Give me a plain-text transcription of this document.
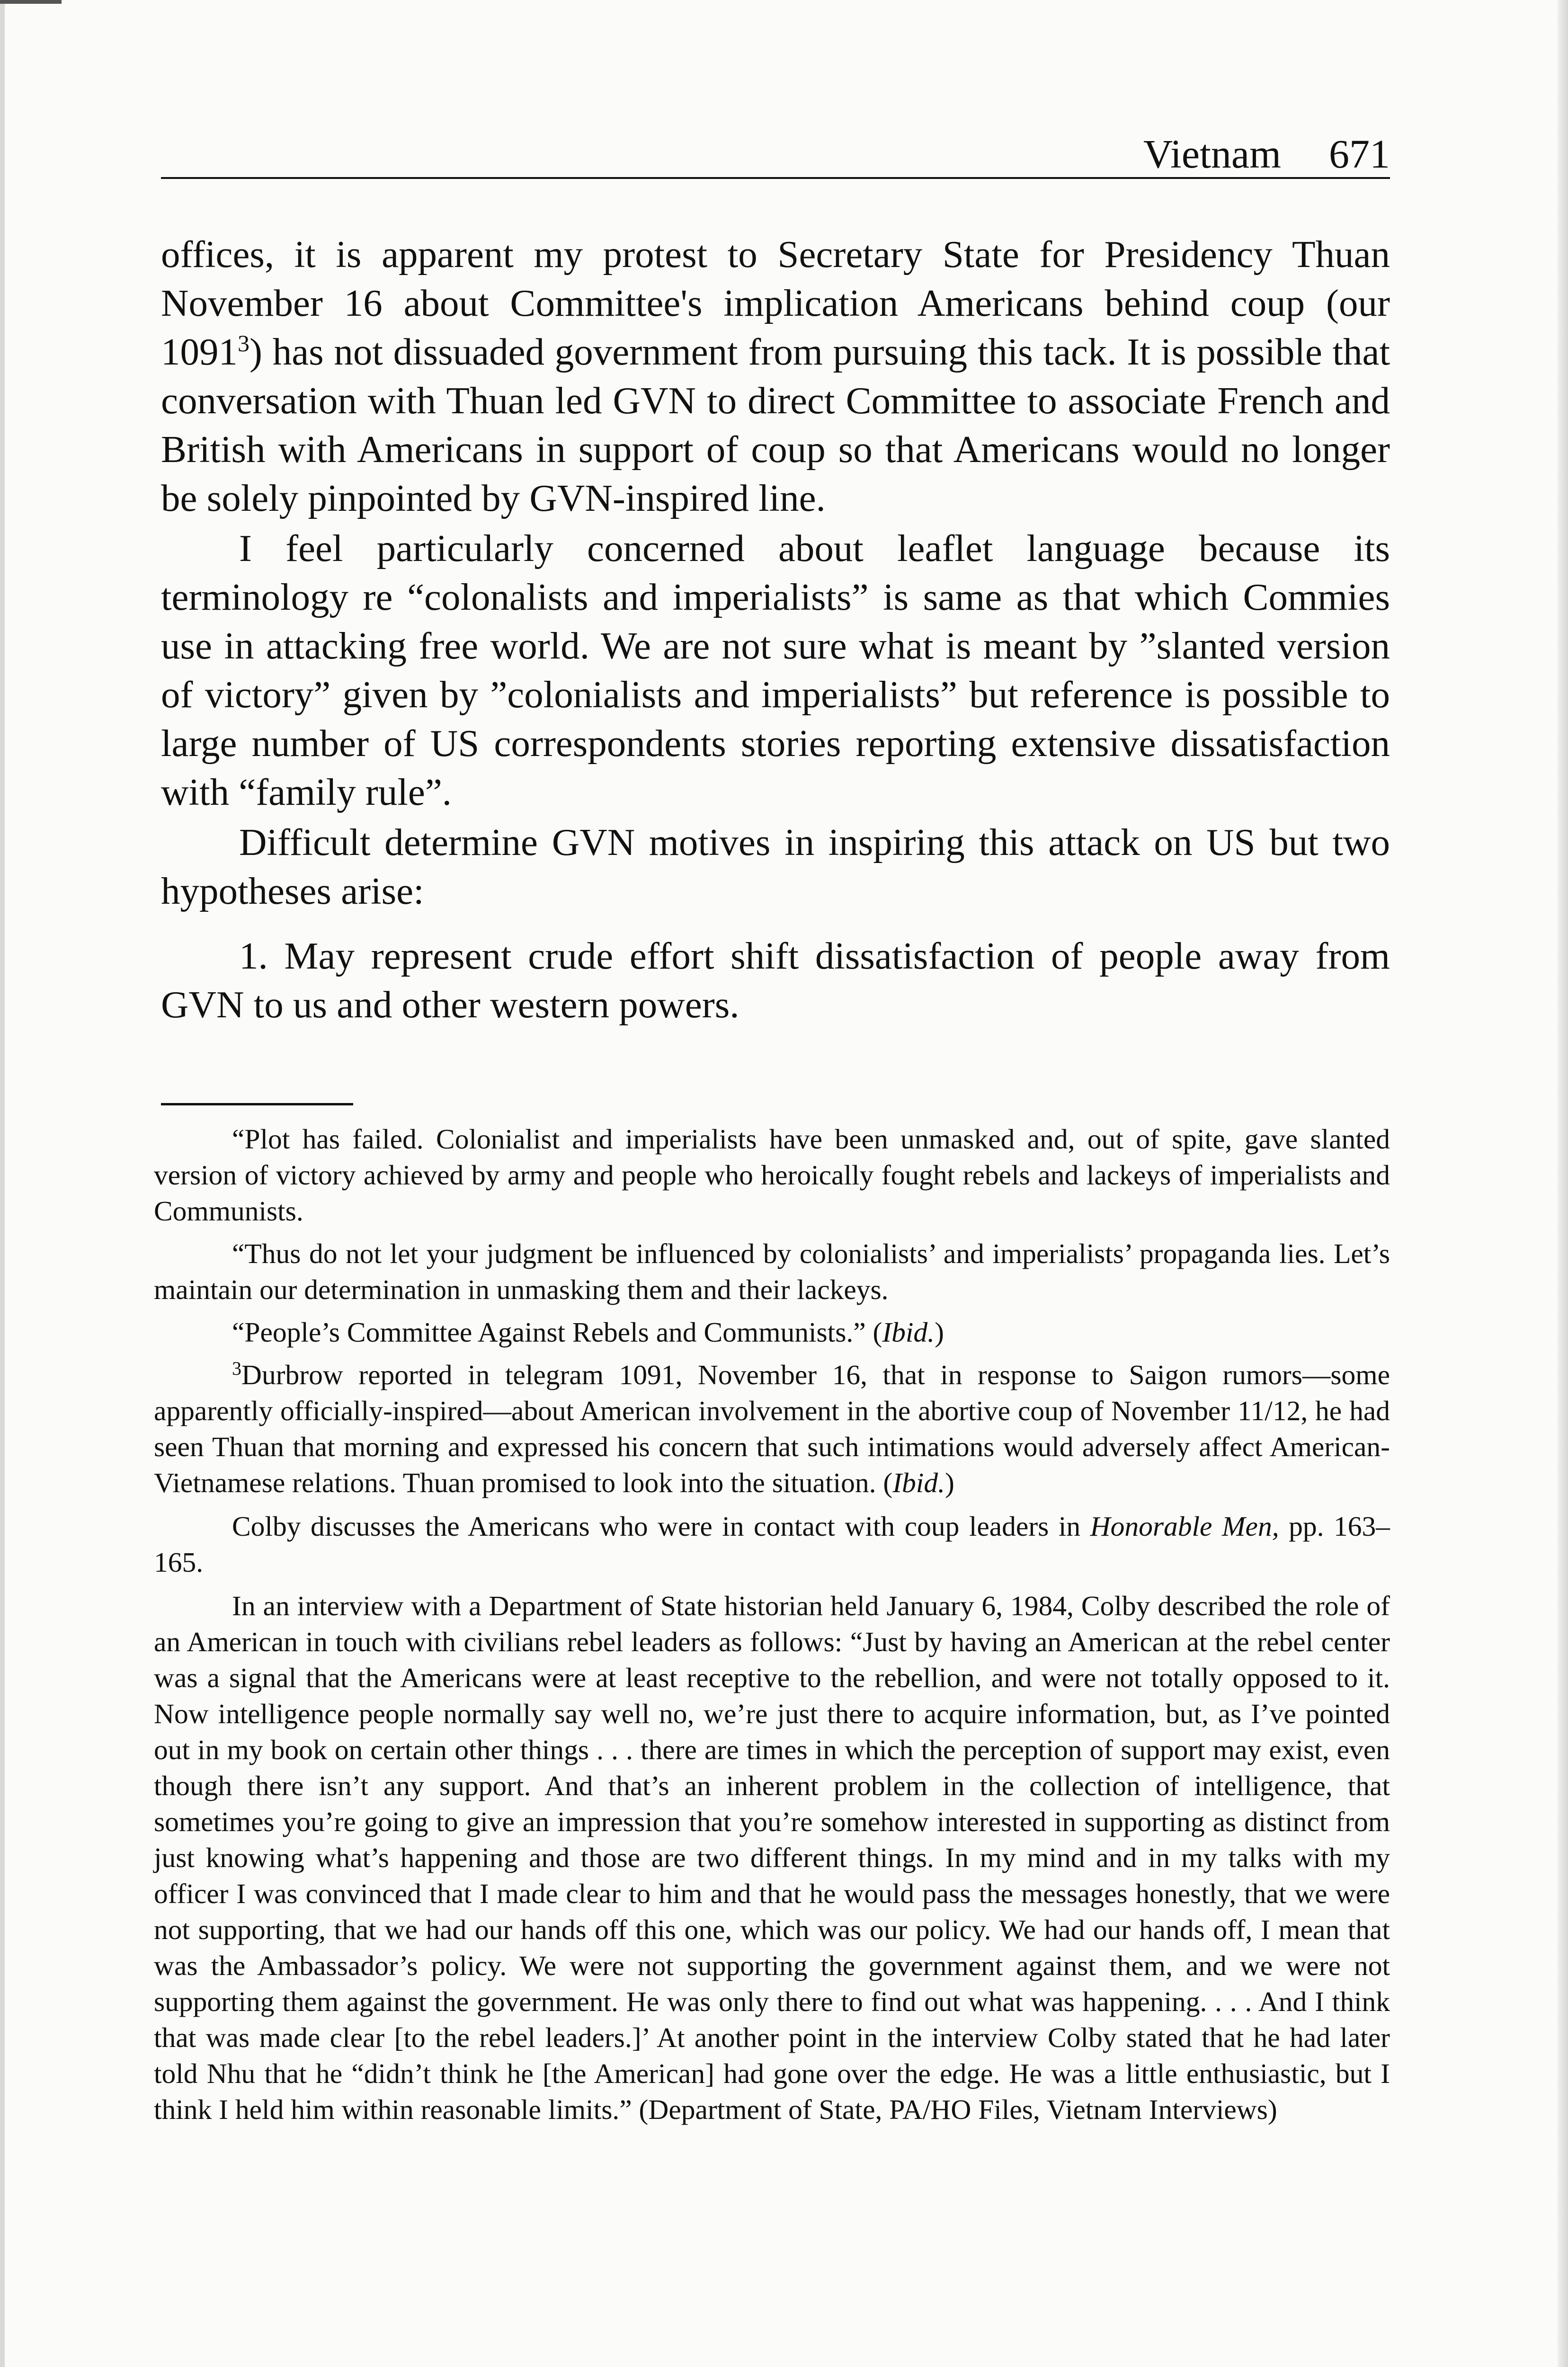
Vietnam 671

offices, it is apparent my protest to Secretary State for Presidency Thuan November 16 about Committee's implication Americans behind coup (our 1091$^3$) has not dissuaded government from pursuing this tack. It is possible that conversation with Thuan led GVN to direct Committee to associate French and British with Americans in support of coup so that Americans would no longer be solely pinpointed by GVN-inspired line.

I feel particularly concerned about leaflet language because its terminology re “colonalists and imperialists” is same as that which Commies use in attacking free world. We are not sure what is meant by ”slanted version of victory” given by ”colonialists and imperialists” but reference is possible to large number of US correspondents stories reporting extensive dissatisfaction with “family rule”.

Difficult determine GVN motives in inspiring this attack on US but two hypotheses arise:

1. May represent crude effort shift dissatisfaction of people away from GVN to us and other western powers.

“Plot has failed. Colonialist and imperialists have been unmasked and, out of spite, gave slanted version of victory achieved by army and people who heroically fought rebels and lackeys of imperialists and Communists.

“Thus do not let your judgment be influenced by colonialists’ and imperialists’ propaganda lies. Let’s maintain our determination in unmasking them and their lackeys.

“People’s Committee Against Rebels and Communists.” (Ibid.)

$^3$Durbrow reported in telegram 1091, November 16, that in response to Saigon rumors—some apparently officially-inspired—about American involvement in the abortive coup of November 11/12, he had seen Thuan that morning and expressed his concern that such intimations would adversely affect American-Vietnamese relations. Thuan promised to look into the situation. (Ibid.)

Colby discusses the Americans who were in contact with coup leaders in Honorable Men, pp. 163–165.

In an interview with a Department of State historian held January 6, 1984, Colby described the role of an American in touch with civilians rebel leaders as follows: “Just by having an American at the rebel center was a signal that the Americans were at least receptive to the rebellion, and were not totally opposed to it. Now intelligence people normally say well no, we’re just there to acquire information, but, as I’ve pointed out in my book on certain other things . . . there are times in which the perception of support may exist, even though there isn’t any support. And that’s an inherent problem in the collection of intelligence, that sometimes you’re going to give an impression that you’re somehow interested in supporting as distinct from just knowing what’s happening and those are two different things. In my mind and in my talks with my officer I was convinced that I made clear to him and that he would pass the messages honestly, that we were not supporting, that we had our hands off this one, which was our policy. We had our hands off, I mean that was the Ambassador’s policy. We were not supporting the government against them, and we were not supporting them against the government. He was only there to find out what was happening. . . . And I think that was made clear [to the rebel leaders.]’ At another point in the interview Colby stated that he had later told Nhu that he “didn’t think he [the American] had gone over the edge. He was a little enthusiastic, but I think I held him within reasonable limits.” (Department of State, PA/HO Files, Vietnam Interviews)
